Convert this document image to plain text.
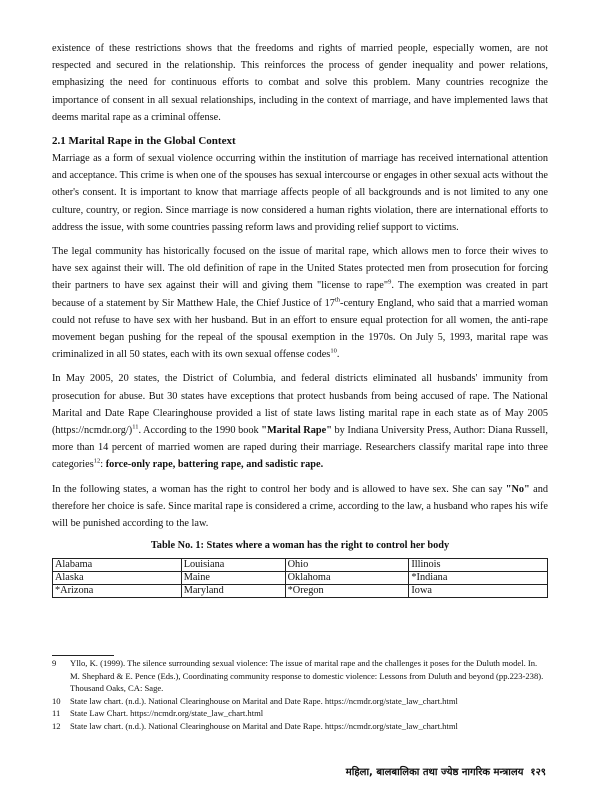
existence of these restrictions shows that the freedoms and rights of married people, especially women, are not respected and secured in the relationship. This reinforces the process of gender inequality and power relations, emphasizing the need for continuous efforts to combat and solve this problem. Many countries recognize the importance of consent in all sexual relationships, including in the context of marriage, and have implemented laws that deems marital rape as a criminal offense.

2.1 Marital Rape in the Global Context

Marriage as a form of sexual violence occurring within the institution of marriage has received international attention and acceptance. This crime is when one of the spouses has sexual intercourse or engages in other sexual acts without the other's consent. It is important to know that marriage affects people of all backgrounds and is not limited to any one culture, country, or region. Since marriage is now considered a human rights violation, there are international efforts to address the issue, with some countries passing reform laws and providing relief support to victims.

The legal community has historically focused on the issue of marital rape, which allows men to force their wives to have sex against their will. The old definition of rape in the United States protected men from prosecution for forcing their partners to have sex against their will and giving them "license to rape"$^9$. The exemption was created in part because of a statement by Sir Matthew Hale, the Chief Justice of 17th-century England, who said that a married woman could not refuse to have sex with her husband. But in an effort to ensure equal protection for all women, the anti-rape movement began pushing for the repeal of the spousal exemption in the 1970s. On July 5, 1993, marital rape was criminalized in all 50 states, each with its own sexual offense codes$^{10}$.

In May 2005, 20 states, the District of Columbia, and federal districts eliminated all husbands' immunity from prosecution for abuse. But 30 states have exceptions that protect husbands from being accused of rape. The National Marital and Date Rape Clearinghouse provided a list of state laws listing marital rape in each state as of May 2005 (https://ncmdr.org/)$^{11}$. According to the 1990 book "Marital Rape" by Indiana University Press, Author: Diana Russell, more than 14 percent of married women are raped during their marriage. Researchers classify marital rape into three categories$^{12}$: force-only rape, battering rape, and sadistic rape.

In the following states, a woman has the right to control her body and is allowed to have sex. She can say "No" and therefore her choice is safe. Since marital rape is considered a crime, according to the law, a husband who rapes his wife will be punished according to the law.

Table No. 1: States where a woman has the right to control her body
Alabama	Louisiana	Ohio	Illinois
Alaska	Maine	Oklahoma	*Indiana
*Arizona	Maryland	*Oregon	Iowa
9	Yllo, K. (1999). The silence surrounding sexual violence: The issue of marital rape and the challenges it poses for the Duluth model. In. M. Shephard & E. Pence (Eds.), Coordinating community response to domestic violence: Lessons from Duluth and beyond (pp.223-238). Thousand Oaks, CA: Sage.
10	State law chart. (n.d.). National Clearinghouse on Marital and Date Rape. https://ncmdr.org/state_law_chart.html
11	State Law Chart. https://ncmdr.org/state_law_chart.html
12	State law chart. (n.d.). National Clearinghouse on Marital and Date Rape. https://ncmdr.org/state_law_chart.html
महिला, बालबालिका तथा ज्येष्ठ नागरिक मन्त्रालय १२९
